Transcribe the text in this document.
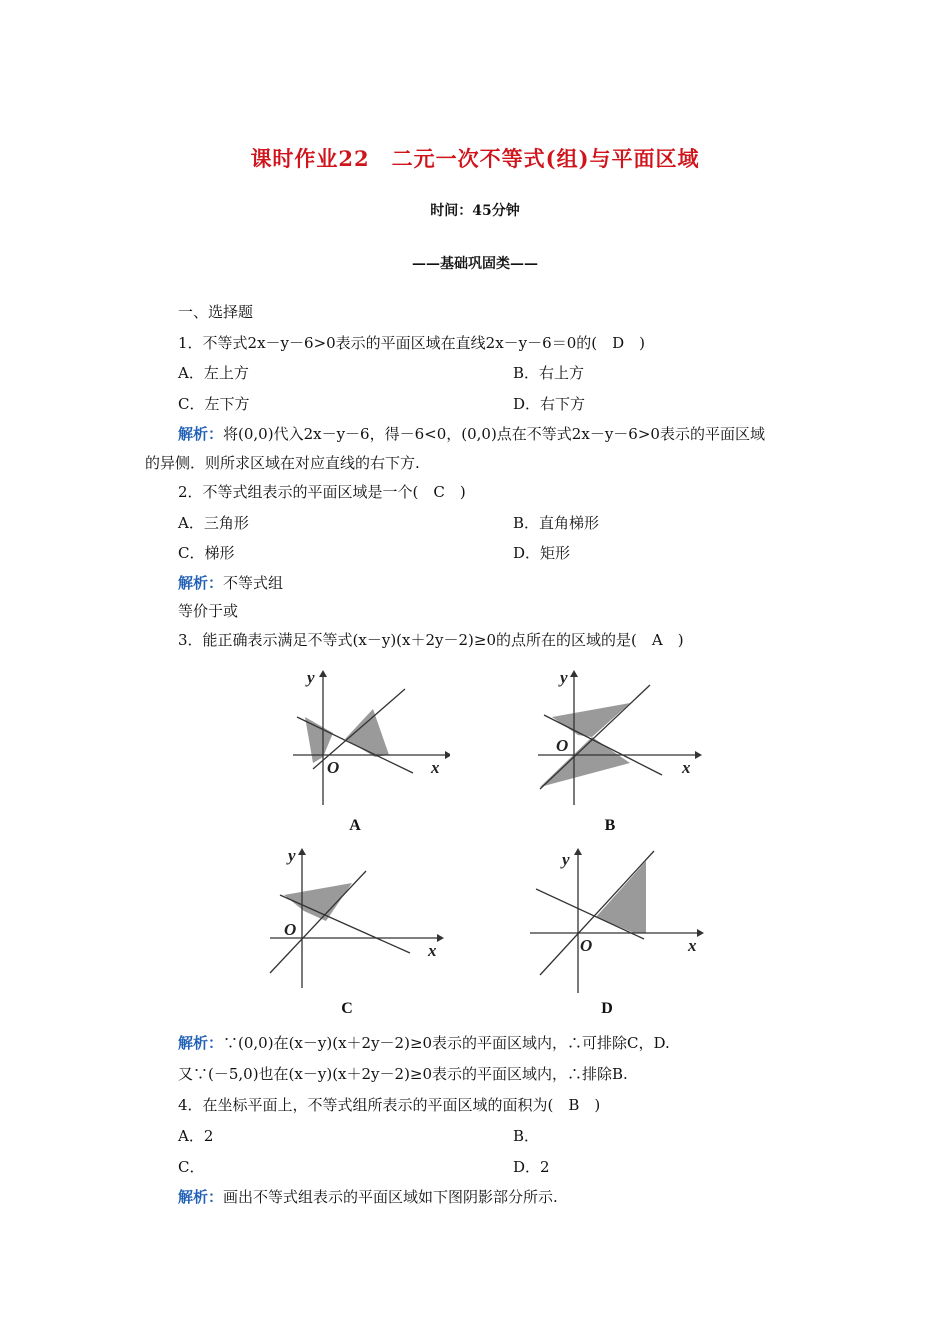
课时作业22　二元一次不等式(组)与平面区域
时间：45分钟
——基础巩固类——
一、选择题
1．不等式2x－y－6>0表示的平面区域在直线2x－y－6＝0的(　D　)
A．左上方	B．右上方
C．左下方	D．右下方
解析：将(0,0)代入2x－y－6，得－6<0，(0,0)点在不等式2x－y－6>0表示的平面区域
的异侧．则所求区域在对应直线的右下方.
2．不等式组表示的平面区域是一个(　C　)
A．三角形	B．直角梯形
C．梯形	D．矩形
解析：不等式组
等价于或
3．能正确表示满足不等式(x－y)(x＋2y－2)≥0的点所在的区域的是(　A　)
y
O	x
A
y
O
x
B
y
O
x
C
y
O	x
D
解析：∵(0,0)在(x－y)(x＋2y－2)≥0表示的平面区域内，∴可排除C，D.
又∵(－5,0)也在(x－y)(x＋2y－2)≥0表示的平面区域内，∴排除B.
4．在坐标平面上，不等式组所表示的平面区域的面积为(　B　)
A．2	B．
C．	D．2
解析：画出不等式组表示的平面区域如下图阴影部分所示.
